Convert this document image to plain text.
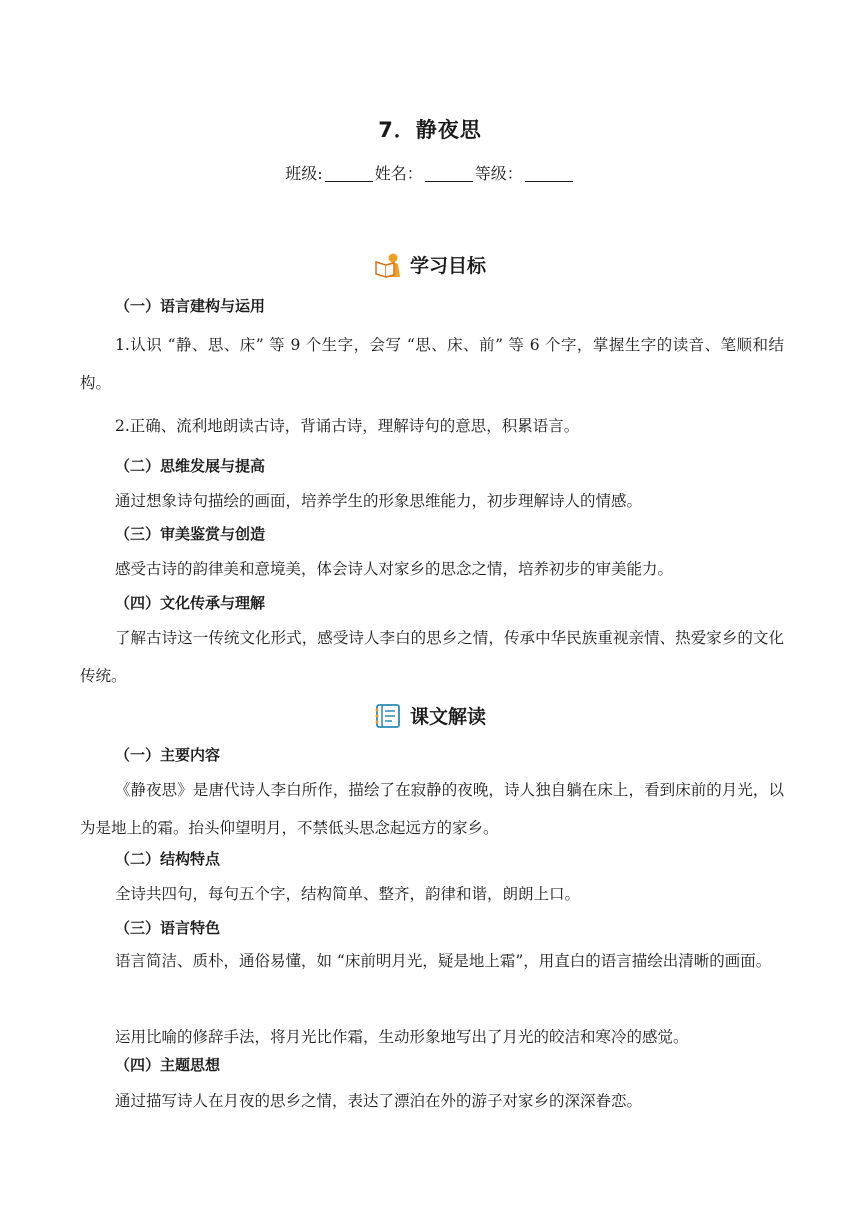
7．静夜思
班级:	姓名：	等级：
学习目标
（一）语言建构与运用
1.认识 “静、思、床” 等 9 个生字，会写 “思、床、前” 等 6 个字，掌握生字的读音、笔顺和结构。
2.正确、流利地朗读古诗，背诵古诗，理解诗句的意思，积累语言。
（二）思维发展与提高
通过想象诗句描绘的画面，培养学生的形象思维能力，初步理解诗人的情感。
（三）审美鉴赏与创造
感受古诗的韵律美和意境美，体会诗人对家乡的思念之情，培养初步的审美能力。
（四）文化传承与理解
了解古诗这一传统文化形式，感受诗人李白的思乡之情，传承中华民族重视亲情、热爱家乡的文化传统。
课文解读
（一）主要内容
《静夜思》是唐代诗人李白所作，描绘了在寂静的夜晚，诗人独自躺在床上，看到床前的月光，以为是地上的霜。抬头仰望明月，不禁低头思念起远方的家乡。
（二）结构特点
全诗共四句，每句五个字，结构简单、整齐，韵律和谐，朗朗上口。
（三）语言特色
语言简洁、质朴，通俗易懂，如 “床前明月光，疑是地上霜”，用直白的语言描绘出清晰的画面。
运用比喻的修辞手法，将月光比作霜，生动形象地写出了月光的皎洁和寒冷的感觉。
（四）主题思想
通过描写诗人在月夜的思乡之情，表达了漂泊在外的游子对家乡的深深眷恋。
